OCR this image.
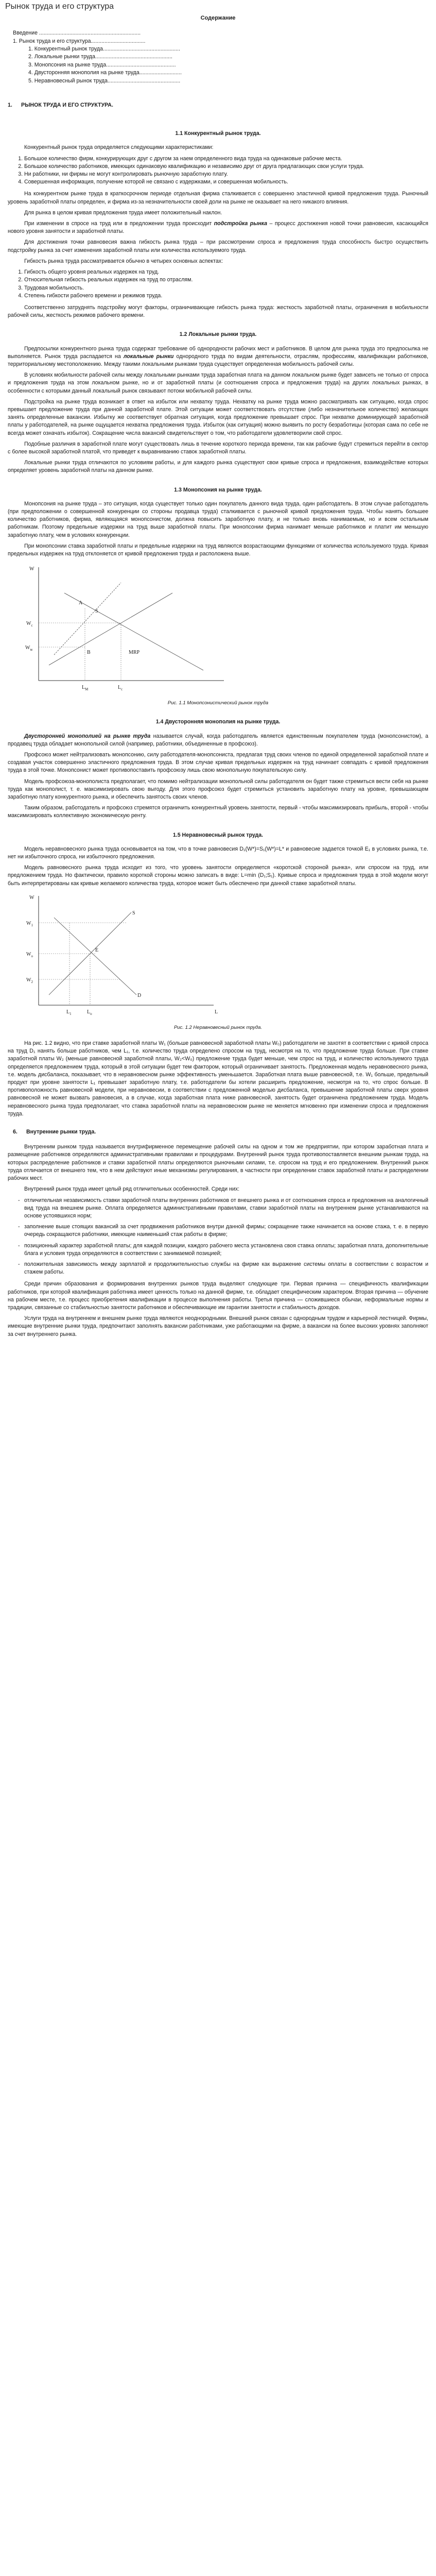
Рынок труда и его структура
Содержание
Введение ...................................................................
1. Рынок труда и его структура....................................
1. Конкурентный рынок труда...................................................
2. Локальные рынки труда...................................................
3. Монопсония на рынке труда..............................................
4. Двусторонняя монополия на рынке труда............................
5. Неравновесный рынок труда................................................
1. РЫНОК ТРУДА И ЕГО СТРУКТУРА.
1.1 Конкурентный рынок труда.

Конкурентный рынок труда определяется следующими характеристиками:

1. Большое количество фирм, конкурирующих друг с другом за наем определенного вида труда на одинаковые рабочие места.
2. Большое количество работников, имеющих одинаковую квалификацию и независимо друг от друга предлагающих свои услуги труда.
3. Ни работники, ни фирмы не могут контролировать рыночную заработную плату.
4. Совершенная информация, получение которой не связано с издержками, и совершенная мобильность.

На конкурентном рынке труда в краткосрочном периоде отдельная фирма сталкивается с совершенно эластичной кривой предложения труда. Рыночный уровень заработной платы определен, и фирма из-за незначительности своей доли на рынке не оказывает на него никакого влияния.

Для рынка в целом кривая предложения труда имеет положительный наклон.

При изменении в спросе на труд или в предложении труда происходит подстройка рынка – процесс достижения новой точки равновесия, касающийся нового уровня занятости и заработной платы.

Для достижения точки равновесия важна гибкость рынка труда – при рассмотрении спроса и предложения труда способность быстро осуществить подстройку рынка за счет изменения заработной платы или количества используемого труда.

Гибкость рынка труда рассматривается обычно в четырех основных аспектах:

1. Гибкость общего уровня реальных издержек на труд.
2. Относительная гибкость реальных издержек на труд по отраслям.
3. Трудовая мобильность.
4. Степень гибкости рабочего времени и режимов труда.

Соответственно затруднять подстройку могут факторы, ограничивающие гибкость рынка труда: жесткость заработной платы, ограничения в мобильности рабочей силы, жесткость режимов рабочего времени.

1.2 Локальные рынки труда.

Предпосылки конкурентного рынка труда содержат требование об однородности рабочих мест и работников. В целом для рынка труда это предпосылка не выполняется. Рынок труда распадается на локальные рынки однородного труда по видам деятельности, отраслям, профессиям, квалификации работников, территориальному местоположению. Между такими локальными рынками труда существует определенная мобильность рабочей силы.

В условиях мобильности рабочей силы между локальными рынками труда заработная плата на данном локальном рынке будет зависеть не только от спроса и предложения труда на этом локальном рынке, но и от заработной платы (и соотношения спроса и предложения труда) на других локальных рынках, в особенности с которыми данный локальный рынок связывают потоки мобильной рабочей силы.

Подстройка на рынке труда возникает в ответ на избыток или нехватку труда. Нехватку на рынке труда можно рассматривать как ситуацию, когда спрос превышает предложение труда при данной заработной плате. Этой ситуации может соответствовать отсутствие (либо незначительное количество) желающих занять определенные вакансии. Избытку же соответствует обратная ситуация, когда предложение превышает спрос. При нехватке доминирующей заработной платы у работодателей, на рынке ощущается нехватка предложения труда. Избыток (как ситуация) можно выявить по росту безработицы (которая сама по себе не всегда может означать избыток). Сокращение числа вакансий свидетельствует о том, что работодатели удовлетворили свой спрос.

Подобные различия в заработной плате могут существовать лишь в течение короткого периода времени, так как рабочие будут стремиться перейти в сектор с более высокой заработной платой, что приведет к выравниванию ставок заработной платы.

Локальные рынки труда отличаются по условиям работы, и для каждого рынка существуют свои кривые спроса и предложения, взаимодействие которых определяет уровень заработной платы на данном рынке.

1.3 Монопсония на рынке труда.

Монопсония на рынке труда – это ситуация, когда существует только один покупатель данного вида труда, один работодатель. В этом случае работодатель (при предположении о совершенной конкуренции со стороны продавца труда) сталкивается с рыночной кривой предложения труда. Чтобы нанять большее количество работников, фирма, являющаяся монопсонистом, должна повысить заработную плату, и не только вновь нанимаемым, но и всем остальным работникам. Поэтому предельные издержки на труд выше заработной платы. При монопсонии фирма нанимает меньше работников и платит им меньшую заработную плату, чем в условиях конкуренции.

При монопсонии ставка заработной платы и предельные издержки на труд являются возрастающими функциями от количества используемого труда. Кривая предельных издержек на труд отклоняется от кривой предложения труда и расположена выше.

W
A
S
$W_c$
$W_м$	B	MRP
$L_M$	$L_c$
Рис. 1.1 Монопсонистический рынок труда
1.4 Двусторонняя монополия на рынке труда.

Двусторонней монополией на рынке труда называется случай, когда работодатель является единственным покупателем труда (монопсонистом), а продавец труда обладает монопольной силой (например, работники, объединенные в профсоюз).

Профсоюз может нейтрализовать монопсонию, силу работодателя-монопсониста, предлагая труд своих членов по единой определенной заработной плате и создавая участок совершенно эластичного предложения труда. В этом случае кривая предельных издержек на труд начинает совпадать с кривой предложения труда в этой точке. Монопсонист может противопоставить профсоюзу лишь свою монопольную покупательскую силу.

Модель профсоюза-монополиста предполагает, что помимо нейтрализации монопольной силы работодателя он будет также стремиться вести себя на рынке труда как монополист, т. е. максимизировать свою выгоду. Для этого профсоюз будет стремиться установить заработную плату на уровне, превышающем заработную плату конкурентного рынка, и обеспечить занятость своих членов.

Таким образом, работодатель и профсоюз стремятся ограничить конкурентный уровень занятости, первый - чтобы максимизировать прибыль, второй - чтобы максимизировать коллективную экономическую ренту.

1.5 Неравновесный рынок труда.

Модель неравновесного рынка труда основывается на том, что в точке равновесия D₁(W*)=S₁(W*)=L* и равновесие задается точкой E₁ в условиях рынка, т.е. нет ни избыточного спроса, ни избыточного предложения.

Модель равновесного рынка труда исходит из того, что уровень занятости определяется «коротской стороной рынка», или спросом на труд, или предложением труда. Но фактически, правило короткой стороны можно записать в виде: L=min (D₁;S₁). Кривые спроса и предложения труда в этой модели могут быть интерпретированы как кривые желаемого количества труда, которое может быть обеспечено при данной ставке заработной платы.

W
$W_1$
$W_о$
E
$W_2$
S
D
$L_1$	$L_о$	L
Рис. 1.2 Неравновесный рынок труда.

На рис. 1.2 видно, что при ставке заработной платы W₁ (больше равновесной заработной платы W₀) работодатели не захотят в соответствии с кривой спроса на труд D₁ нанять больше работников, чем L₁, т.е. количество труда определено спросом на труд, несмотря на то, что предложение труда больше. При ставке заработной платы W₂ (меньше равновесной заработной платы, W₂<W₀) предложение труда будет меньше, чем спрос на труд, и количество используемого труда определяется предложением труда, который в этой ситуации будет тем фактором, который ограничивает занятость. Предложенная модель неравновесного рынка, т.е. модель дисбаланса, показывает, что в неравновесном рынке эффективность уменьшается. Заработная плата выше равновесной, т.е. W₁ больше, предельный продукт при уровне занятости L₁ превышает заработную плату, т.е. работодатели бы хотели расширить предложение, несмотря на то, что спрос больше. В противоположность равновесной модели, при неравновесии, в соответствии с предложенной моделью дисбаланса, превышение заработной платы сверх уровня равновесной не может вызвать равновесия, а в случае, когда заработная плата ниже равновесной, занятость будет ограничена предложением труда. Модель неравновесного рынка труда предполагает, что ставка заработной платы на неравновесном рынке не меняется мгновенно при изменении спроса и предложения труда.

6. Внутренние рынки труда.

Внутренним рынком труда называется внутрифирменное перемещение рабочей силы на одном и том же предприятии, при котором заработная плата и размещение работников определяются административными правилами и процедурами. Внутренний рынок труда противопоставляется внешним рынкам труда, на которых распределение работников и ставки заработной платы определяются рыночными силами, т.е. спросом на труд и его предложением. Внутренний рынок труда отличается от внешнего тем, что в нем действуют иные механизмы регулирования, в частности при определении ставок заработной платы и распределении рабочих мест.

Внутренний рынок труда имеет целый ряд отличительных особенностей. Среди них:

- отличительная независимость ставки заработной платы внутренних работников от внешнего рынка и от соотношения спроса и предложения на аналогичный вид труда на внешнем рынке. Оплата определяется административными правилами, ставки заработной платы на внутреннем рынке устанавливаются на основе устоявшихся норм;
- заполнение выше стоящих вакансий за счет продвижения работников внутри данной фирмы; сокращение также начинается на основе стажа, т. е. в первую очередь сокращаются работники, имеющие наименьший стаж работы в фирме;
- позиционный характер заработной платы; для каждой позиции, каждого рабочего места установлена своя ставка оплаты; заработная плата, дополнительные блага и условия труда определяются в соответствии с занимаемой позицией;
- положительная зависимость между зарплатой и продолжительностью службы на фирме как выражение системы оплаты в соответствии с возрастом и стажем работы.

Среди причин образования и формирования внутренних рынков труда выделяют следующие три. Первая причина — специфичность квалификации работников, при которой квалификация работника имеет ценность только на данной фирме, т.е. обладает специфическим характером. Вторая причина — обучение на рабочем месте, т.е. процесс приобретения квалификации в процессе выполнения работы. Третья причина — сложившиеся обычаи, неформальные нормы и традиции, связанные со стабильностью занятости работников и обеспечивающие им гарантии занятости и стабильность доходов.

Услуги труда на внутреннем и внешнем рынке труда являются неоднородными. Внешний рынок связан с однородным трудом и карьерной лестницей. Фирмы, имеющие внутренние рынки труда, предпочитают заполнять вакансии работниками, уже работающими на фирме, а вакансии на более высоких уровнях заполняют за счет внутреннего рынка.
